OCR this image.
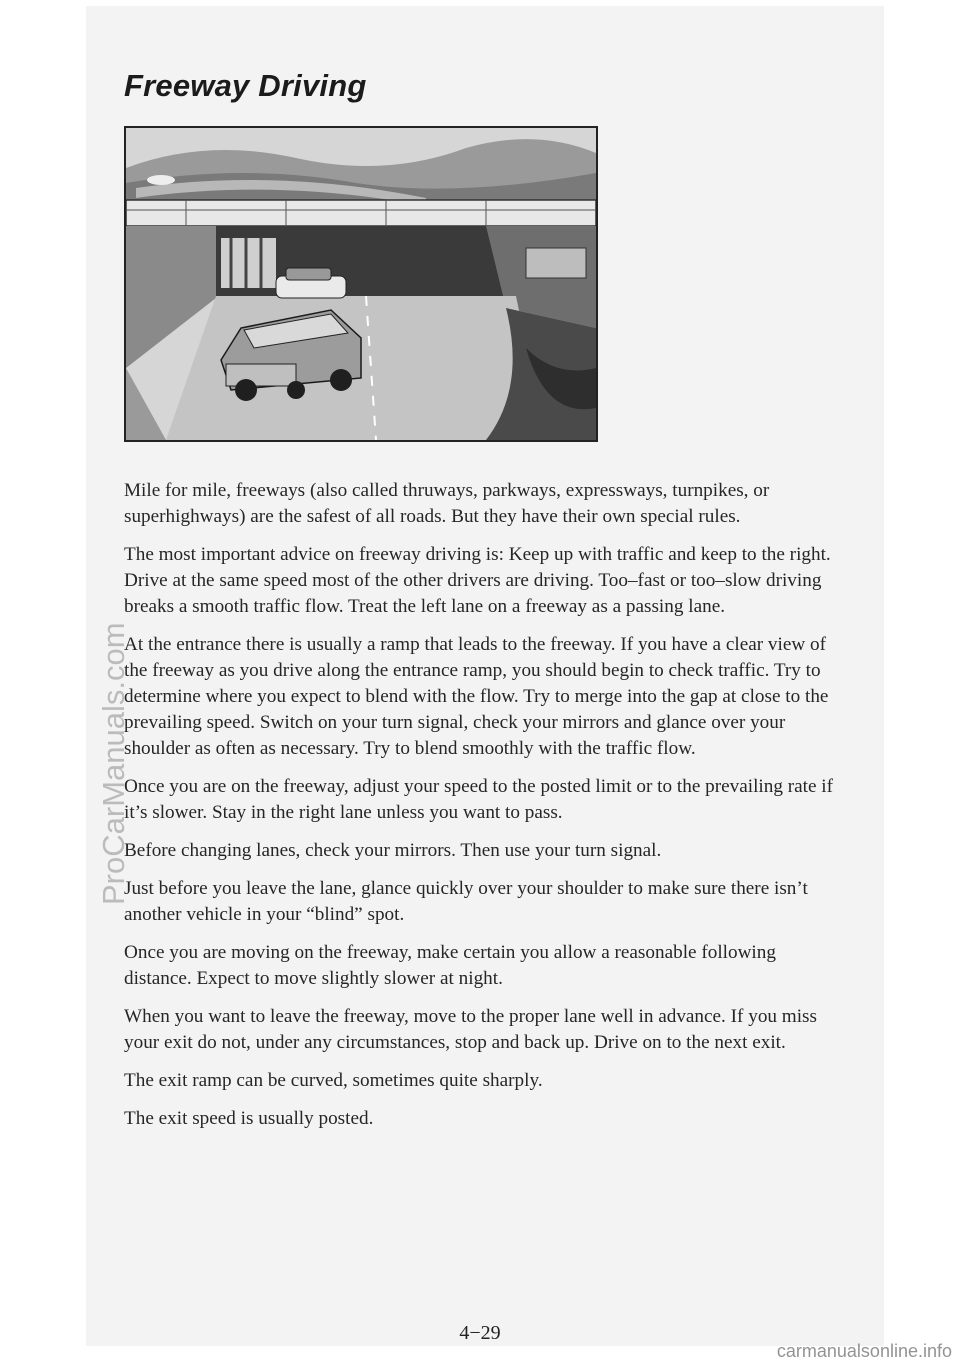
Freeway Driving

Mile for mile, freeways (also called thruways, parkways, expressways, turnpikes, or superhighways) are the safest of all roads. But they have their own special rules.

The most important advice on freeway driving is: Keep up with traffic and keep to the right. Drive at the same speed most of the other drivers are driving. Too–fast or too–slow driving breaks a smooth traffic flow. Treat the left lane on a freeway as a passing lane.

At the entrance there is usually a ramp that leads to the freeway. If you have a clear view of the freeway as you drive along the entrance ramp, you should begin to check traffic. Try to determine where you expect to blend with the flow. Try to merge into the gap at close to the prevailing speed. Switch on your turn signal, check your mirrors and glance over your shoulder as often as necessary. Try to blend smoothly with the traffic flow.

Once you are on the freeway, adjust your speed to the posted limit or to the prevailing rate if it’s slower. Stay in the right lane unless you want to pass.

Before changing lanes, check your mirrors. Then use your turn signal.

Just before you leave the lane, glance quickly over your shoulder to make sure there isn’t another vehicle in your “blind” spot.

Once you are moving on the freeway, make certain you allow a reasonable following distance. Expect to move slightly slower at night.

When you want to leave the freeway, move to the proper lane well in advance. If you miss your exit do not, under any circumstances, stop and back up. Drive on to the next exit.

The exit ramp can be curved, sometimes quite sharply.

The exit speed is usually posted.

4−29
ProCarManuals.com
carmanualsonline.info
